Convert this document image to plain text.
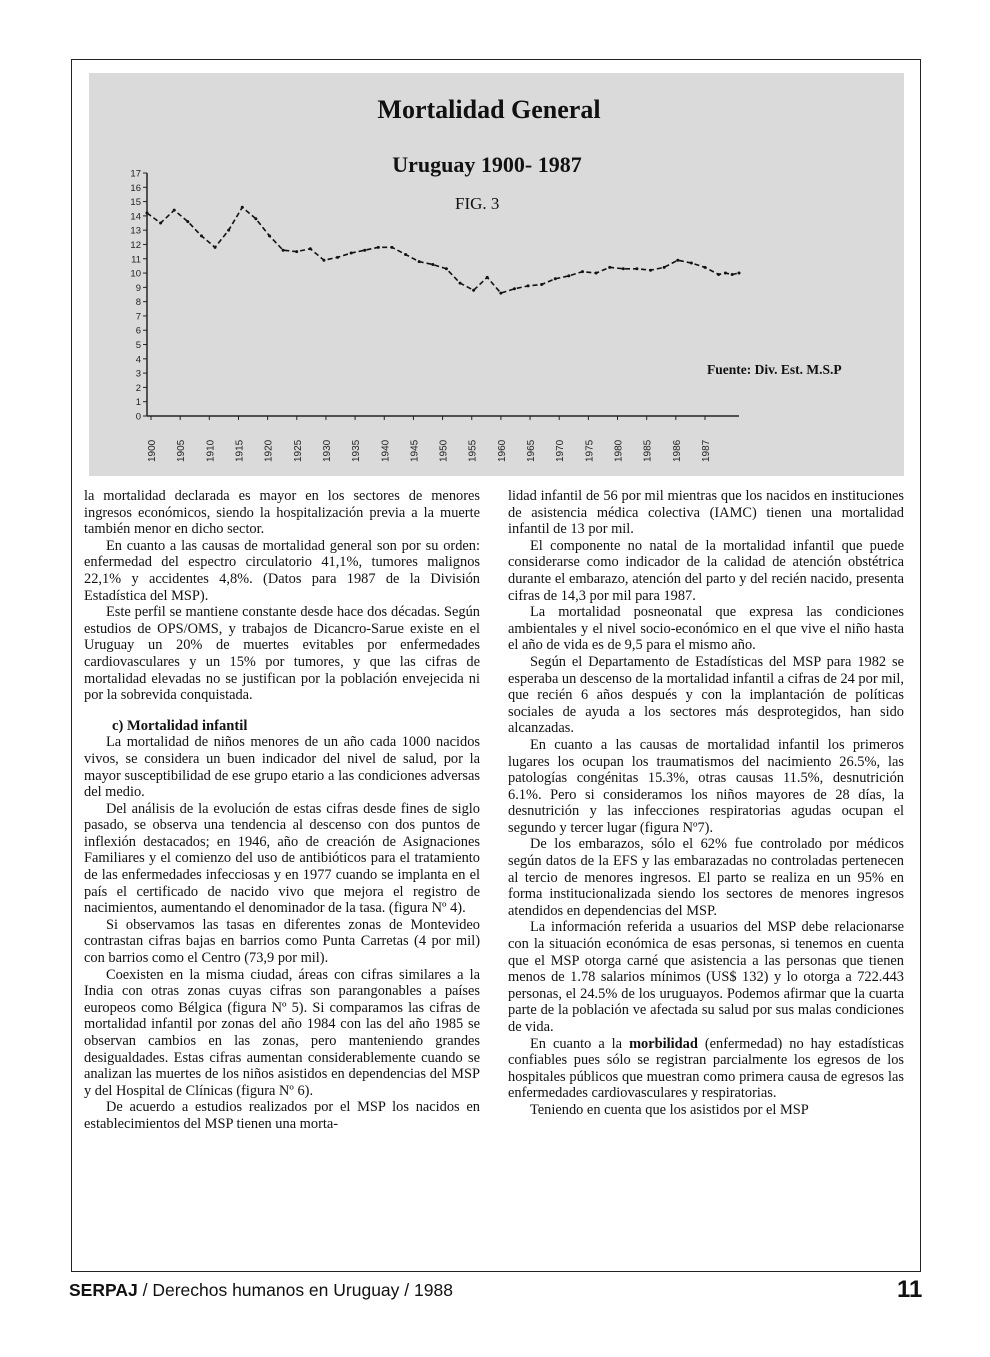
Mortalidad General
Uruguay 1900- 1987
FIG. 3
Fuente: Div. Est. M.S.P
0
1
2
3
4
5
6
7
8
9
10
11
12
13
14
15
16
17
1900 1905 1910 1915 1920 1925 1930 1935 1940 1945 1950 1955 1960 1965 1970 1975 1980 1985 1986 1987

la mortalidad declarada es mayor en los sectores de menores ingresos económicos, siendo la hospitalización previa a la muerte también menor en dicho sector.

En cuanto a las causas de mortalidad general son por su orden: enfermedad del espectro circulatorio 41,1%, tumores malignos 22,1% y accidentes 4,8%. (Datos para 1987 de la División Estadística del MSP).

Este perfil se mantiene constante desde hace dos décadas. Según estudios de OPS/OMS, y trabajos de Dicancro-Sarue existe en el Uruguay un 20% de muertes evitables por enfermedades cardiovasculares y un 15% por tumores, y que las cifras de mortalidad elevadas no se justifican por la población envejecida ni por la sobrevida conquistada.

c) Mortalidad infantil

La mortalidad de niños menores de un año cada 1000 nacidos vivos, se considera un buen indicador del nivel de salud, por la mayor susceptibilidad de ese grupo etario a las condiciones adversas del medio.

Del análisis de la evolución de estas cifras desde fines de siglo pasado, se observa una tendencia al descenso con dos puntos de inflexión destacados; en 1946, año de creación de Asignaciones Familiares y el comienzo del uso de antibióticos para el tratamiento de las enfermedades infecciosas y en 1977 cuando se implanta en el país el certificado de nacido vivo que mejora el registro de nacimientos, aumentando el denominador de la tasa. (figura Nº 4).

Si observamos las tasas en diferentes zonas de Montevideo contrastan cifras bajas en barrios como Punta Carretas (4 por mil) con barrios como el Centro (73,9 por mil).

Coexisten en la misma ciudad, áreas con cifras similares a la India con otras zonas cuyas cifras son parangonables a países europeos como Bélgica (figura Nº 5). Si comparamos las cifras de mortalidad infantil por zonas del año 1984 con las del año 1985 se observan cambios en las zonas, pero manteniendo grandes desigualdades. Estas cifras aumentan considerablemente cuando se analizan las muertes de los niños asistidos en dependencias del MSP y del Hospital de Clínicas (figura Nº 6).

De acuerdo a estudios realizados por el MSP los nacidos en establecimientos del MSP tienen una morta-

lidad infantil de 56 por mil mientras que los nacidos en instituciones de asistencia médica colectiva (IAMC) tienen una mortalidad infantil de 13 por mil.

El componente no natal de la mortalidad infantil que puede considerarse como indicador de la calidad de atención obstétrica durante el embarazo, atención del parto y del recién nacido, presenta cifras de 14,3 por mil para 1987.

La mortalidad posneonatal que expresa las condiciones ambientales y el nivel socio-económico en el que vive el niño hasta el año de vida es de 9,5 para el mismo año.

Según el Departamento de Estadísticas del MSP para 1982 se esperaba un descenso de la mortalidad infantil a cifras de 24 por mil, que recién 6 años después y con la implantación de políticas sociales de ayuda a los sectores más desprotegidos, han sido alcanzadas.

En cuanto a las causas de mortalidad infantil los primeros lugares los ocupan los traumatismos del nacimiento 26.5%, las patologías congénitas 15.3%, otras causas 11.5%, desnutrición 6.1%. Pero si consideramos los niños mayores de 28 días, la desnutrición y las infecciones respiratorias agudas ocupan el segundo y tercer lugar (figura Nº7).

De los embarazos, sólo el 62% fue controlado por médicos según datos de la EFS y las embarazadas no controladas pertenecen al tercio de menores ingresos. El parto se realiza en un 95% en forma institucionalizada siendo los sectores de menores ingresos atendidos en dependencias del MSP.

La información referida a usuarios del MSP debe relacionarse con la situación económica de esas personas, si tenemos en cuenta que el MSP otorga carné que asistencia a las personas que tienen menos de 1.78 salarios mínimos (US$ 132) y lo otorga a 722.443 personas, el 24.5% de los uruguayos. Podemos afirmar que la cuarta parte de la población ve afectada su salud por sus malas condiciones de vida.

En cuanto a la morbilidad (enfermedad) no hay estadísticas confiables pues sólo se registran parcialmente los egresos de los hospitales públicos que muestran como primera causa de egresos las enfermedades cardiovasculares y respiratorias.

Teniendo en cuenta que los asistidos por el MSP

SERPAJ / Derechos humanos en Uruguay / 1988	11
